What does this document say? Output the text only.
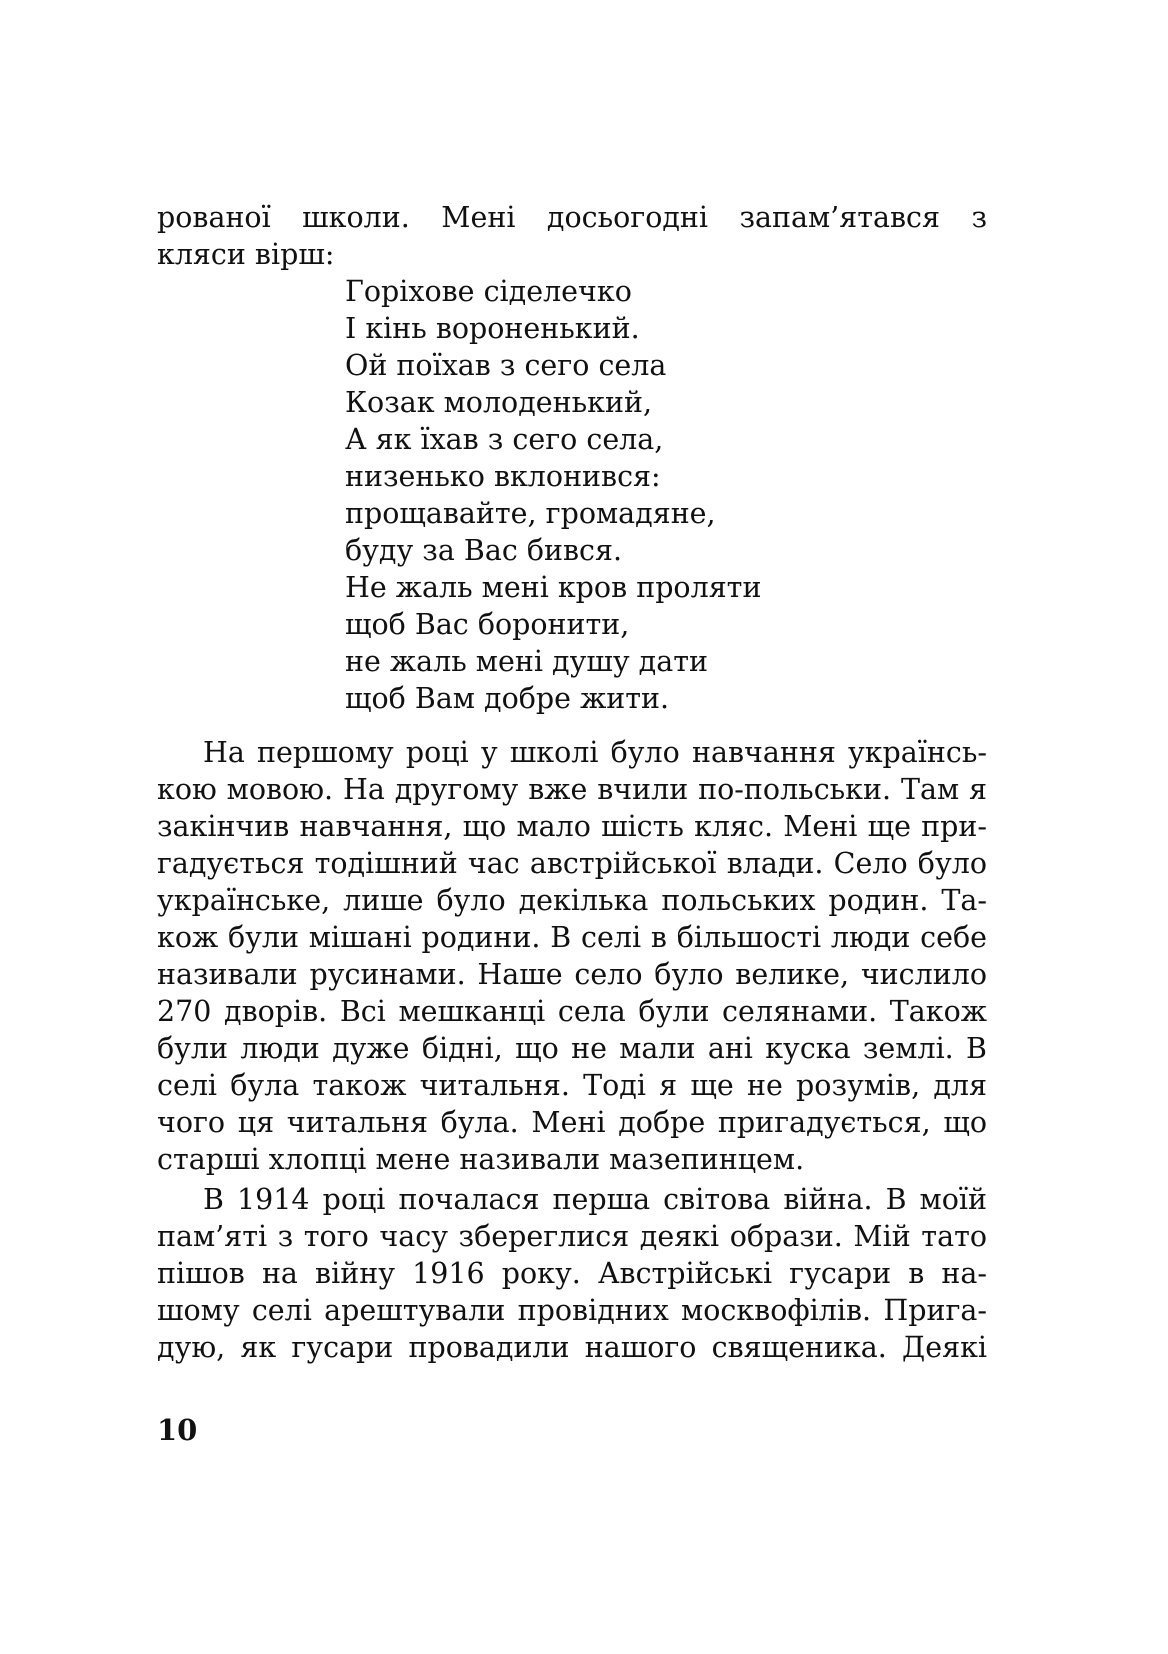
рованої школи. Мені досьогодні запам’ятався з
кляси вірш:
Горіхове сіделечко
І кінь вороненький.
Ой поїхав з сего села
Козак молоденький,
А як їхав з сего села,
низенько вклонився:
прощавайте, громадяне,
буду за Вас бився.
Не жаль мені кров проляти
щоб Вас боронити,
не жаль мені душу дати
щоб Вам добре жити.
На першому році у школі було навчання українсь-
кою мовою. На другому вже вчили по-польськи. Там я
закінчив навчання, що мало шість кляс. Мені ще при-
гадується тодішний час австрійської влади. Село було
українське, лише було декілька польських родин. Та-
кож були мішані родини. В селі в більшості люди себе
називали русинами. Наше село було велике, числило
270 дворів. Всі мешканці села були селянами. Також
були люди дуже бідні, що не мали ані куска землі. В
селі була також читальня. Тоді я ще не розумів, для
чого ця читальня була. Мені добре пригадується, що
старші хлопці мене називали мазепинцем.
В 1914 році почалася перша світова війна. В моїй
пам’яті з того часу збереглися деякі образи. Мій тато
пішов на війну 1916 року. Австрійські гусари в на-
шому селі арештували провідних москвофілів. Прига-
дую, як гусари провадили нашого священика. Деякі
10
